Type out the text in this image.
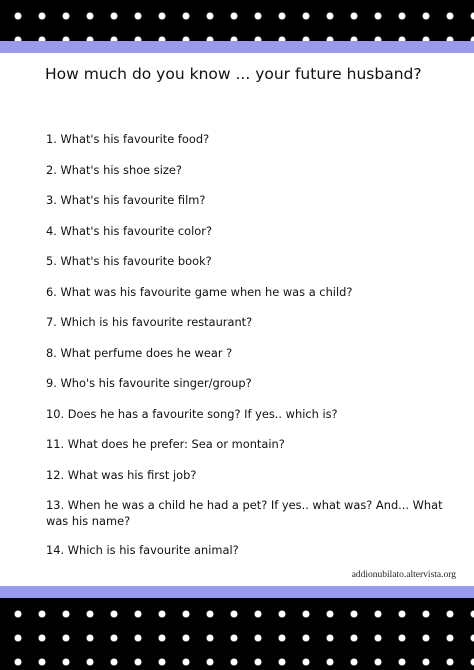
How much do you know ... your future husband?
1. What's his favourite food?
2. What's his shoe size?
3. What's his favourite film?
4. What's his favourite color?
5. What's his favourite book?
6. What was his favourite game when he was a child?
7. Which is his favourite restaurant?
8. What perfume does he wear ?
9. Who's his favourite singer/group?
10. Does he has a favourite song? If yes.. which is?
11. What does he prefer: Sea or montain?
12. What was his first job?
13. When he was a child he had a pet? If yes.. what was? And... What was his name?
14. Which is his favourite animal?
addionubilato.altervista.org
